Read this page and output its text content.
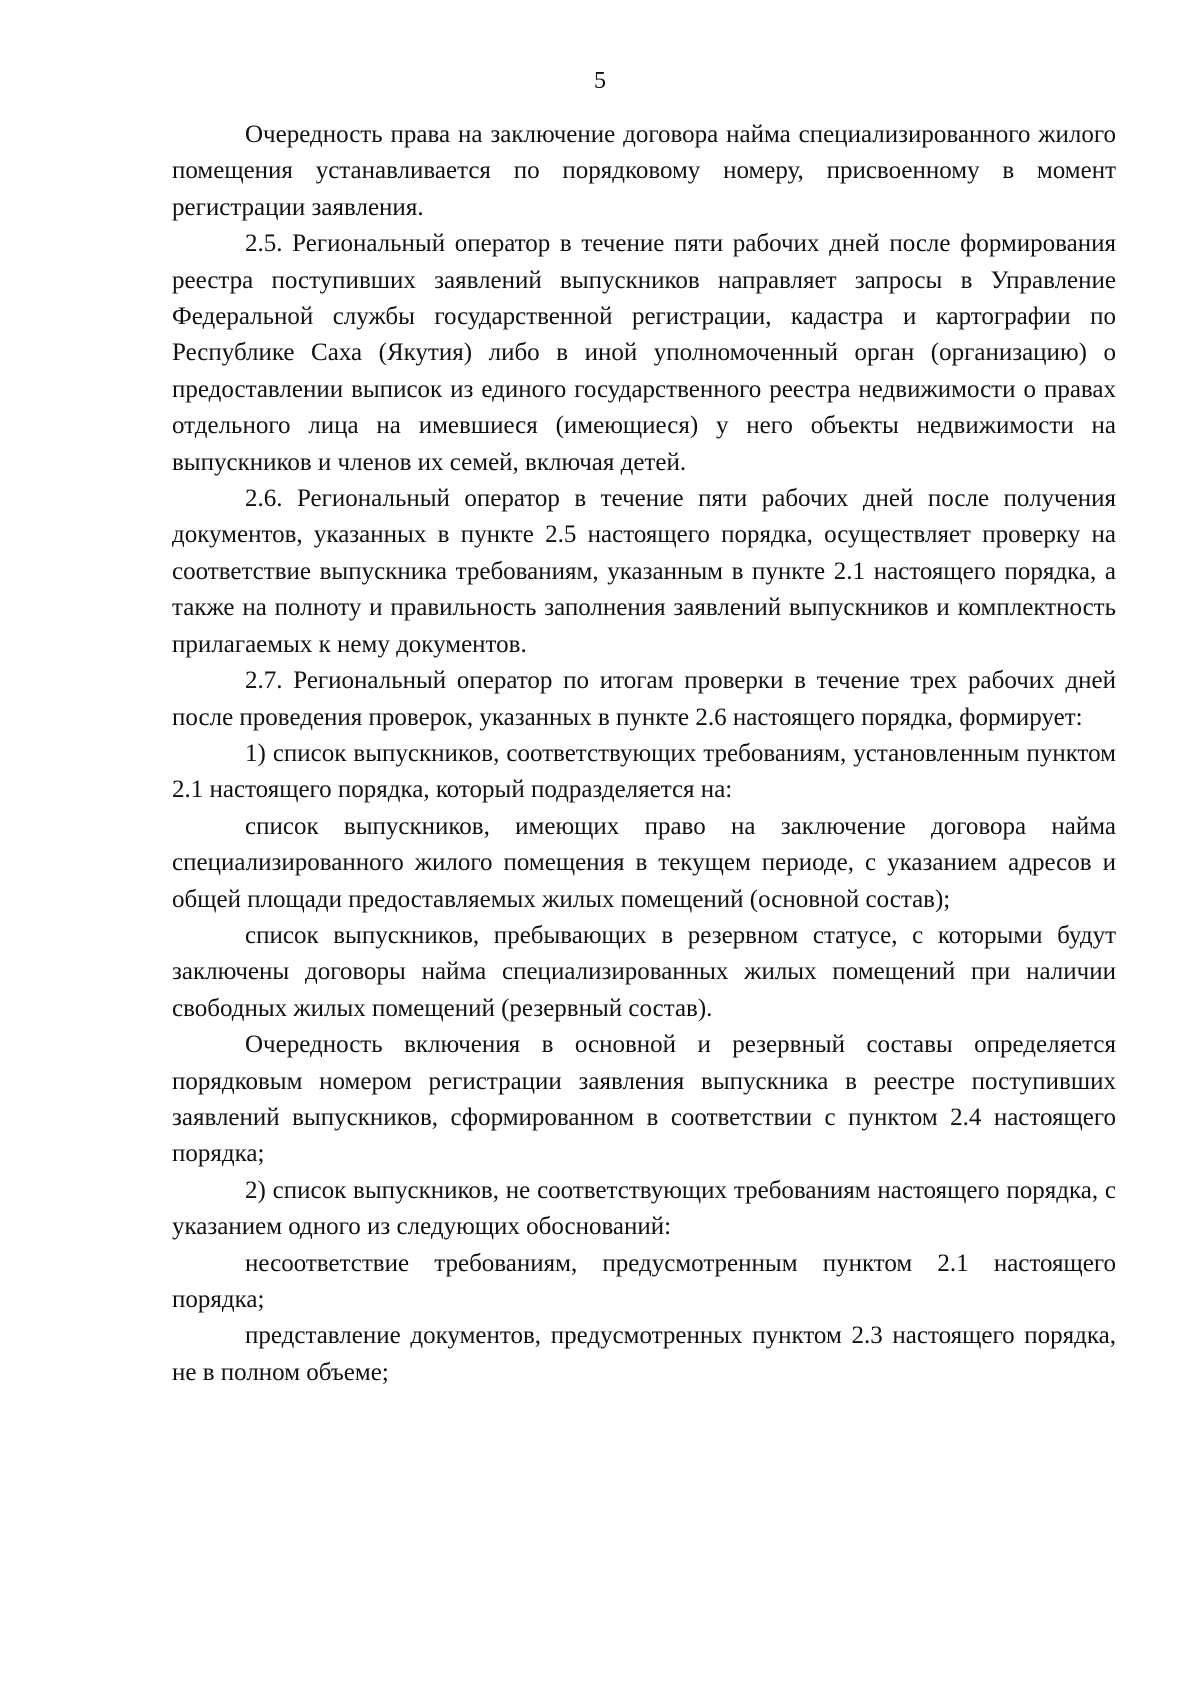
5

Очередность права на заключение договора найма специализированного жилого помещения устанавливается по порядковому номеру, присвоенному в момент регистрации заявления.

2.5. Региональный оператор в течение пяти рабочих дней после формирования реестра поступивших заявлений выпускников направляет запросы в Управление Федеральной службы государственной регистрации, кадастра и картографии по Республике Саха (Якутия) либо в иной уполномоченный орган (организацию) о предоставлении выписок из единого государственного реестра недвижимости о правах отдельного лица на имевшиеся (имеющиеся) у него объекты недвижимости на выпускников и членов их семей, включая детей.

2.6. Региональный оператор в течение пяти рабочих дней после получения документов, указанных в пункте 2.5 настоящего порядка, осуществляет проверку на соответствие выпускника требованиям, указанным в пункте 2.1 настоящего порядка, а также на полноту и правильность заполнения заявлений выпускников и комплектность прилагаемых к нему документов.

2.7. Региональный оператор по итогам проверки в течение трех рабочих дней после проведения проверок, указанных в пункте 2.6 настоящего порядка, формирует:

1) список выпускников, соответствующих требованиям, установленным пунктом 2.1 настоящего порядка, который подразделяется на:

список выпускников, имеющих право на заключение договора найма специализированного жилого помещения в текущем периоде, с указанием адресов и общей площади предоставляемых жилых помещений (основной состав);

список выпускников, пребывающих в резервном статусе, с которыми будут заключены договоры найма специализированных жилых помещений при наличии свободных жилых помещений (резервный состав).

Очередность включения в основной и резервный составы определяется порядковым номером регистрации заявления выпускника в реестре поступивших заявлений выпускников, сформированном в соответствии с пунктом 2.4 настоящего порядка;

2) список выпускников, не соответствующих требованиям настоящего порядка, с указанием одного из следующих обоснований:

несоответствие требованиям, предусмотренным пунктом 2.1 настоящего порядка;

представление документов, предусмотренных пунктом 2.3 настоящего порядка, не в полном объеме;
